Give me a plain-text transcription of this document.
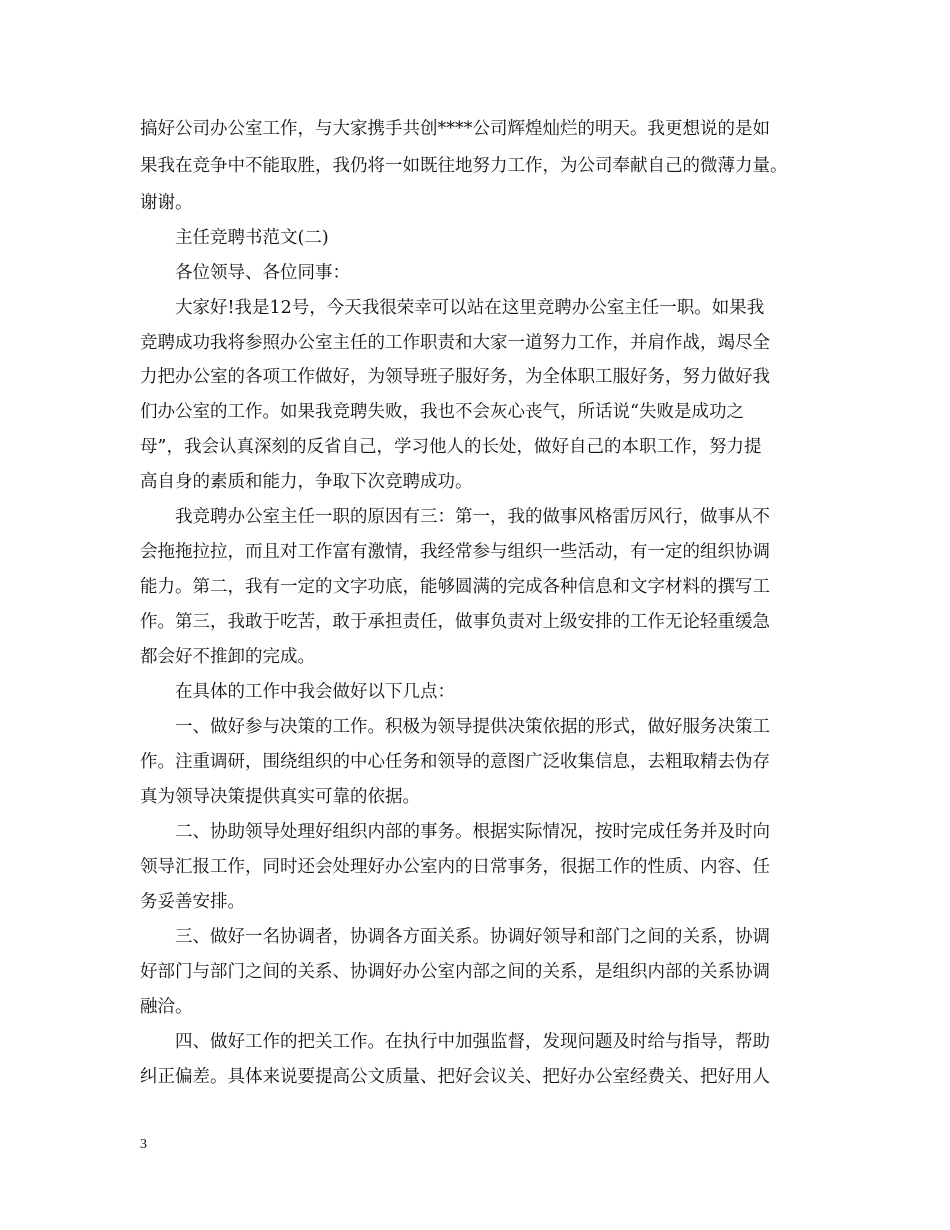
搞好公司办公室工作，与大家携手共创****公司辉煌灿烂的明天。我更想说的是如
果我在竞争中不能取胜，我仍将一如既往地努力工作，为公司奉献自己的微薄力量。
谢谢。
主任竞聘书范文(二)
各位领导、各位同事：
大家好!我是12号，今天我很荣幸可以站在这里竞聘办公室主任一职。如果我
竞聘成功我将参照办公室主任的工作职责和大家一道努力工作，并肩作战，竭尽全
力把办公室的各项工作做好，为领导班子服好务，为全体职工服好务，努力做好我
们办公室的工作。如果我竞聘失败，我也不会灰心丧气，所话说“失败是成功之
母”，我会认真深刻的反省自己，学习他人的长处，做好自己的本职工作，努力提
高自身的素质和能力，争取下次竞聘成功。
我竞聘办公室主任一职的原因有三：第一，我的做事风格雷厉风行，做事从不
会拖拖拉拉，而且对工作富有激情，我经常参与组织一些活动，有一定的组织协调
能力。第二，我有一定的文字功底，能够圆满的完成各种信息和文字材料的撰写工
作。第三，我敢于吃苦，敢于承担责任，做事负责对上级安排的工作无论轻重缓急
都会好不推卸的完成。
在具体的工作中我会做好以下几点：
一、做好参与决策的工作。积极为领导提供决策依据的形式，做好服务决策工
作。注重调研，围绕组织的中心任务和领导的意图广泛收集信息，去粗取精去伪存
真为领导决策提供真实可靠的依据。
二、协助领导处理好组织内部的事务。根据实际情况，按时完成任务并及时向
领导汇报工作，同时还会处理好办公室内的日常事务，很据工作的性质、内容、任
务妥善安排。
三、做好一名协调者，协调各方面关系。协调好领导和部门之间的关系，协调
好部门与部门之间的关系、协调好办公室内部之间的关系，是组织内部的关系协调
融洽。
四、做好工作的把关工作。在执行中加强监督，发现问题及时给与指导，帮助
纠正偏差。具体来说要提高公文质量、把好会议关、把好办公室经费关、把好用人
3
